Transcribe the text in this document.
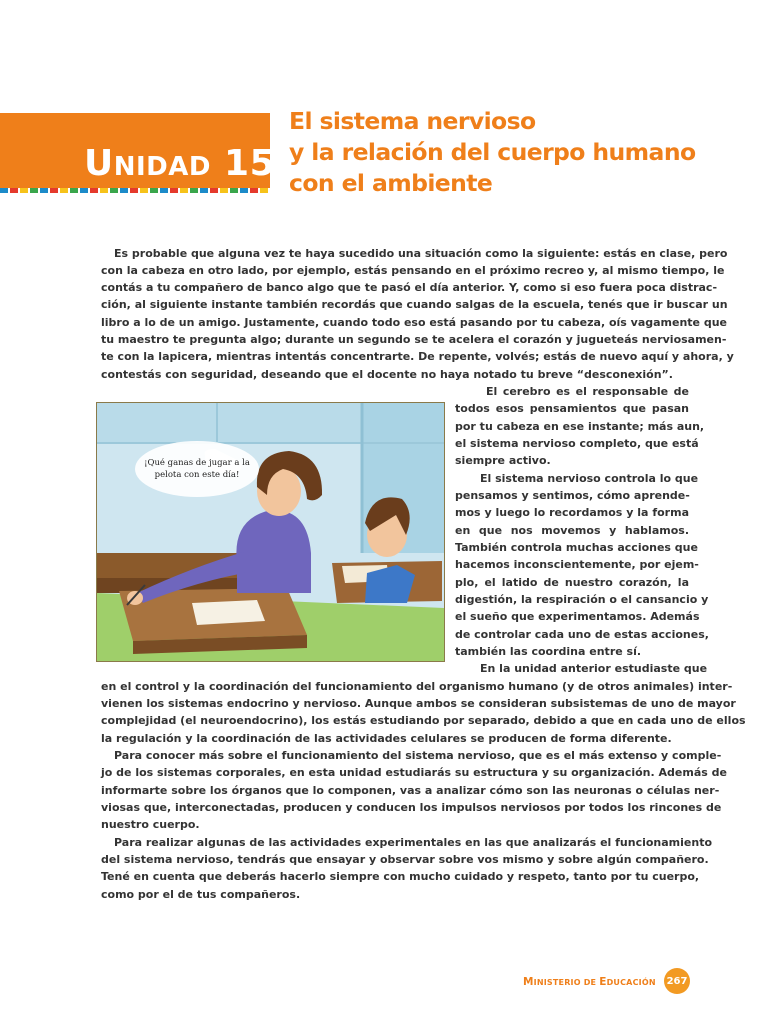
UNIDAD 15
El sistema nervioso
y la relación del cuerpo humano
con el ambiente
Es probable que alguna vez te haya sucedido una situación como la siguiente: estás en clase, pero
con la cabeza en otro lado, por ejemplo, estás pensando en el próximo recreo y, al mismo tiempo, le
contás a tu compañero de banco algo que te pasó el día anterior. Y, como si eso fuera poca distrac-
ción, al siguiente instante también recordás que cuando salgas de la escuela, tenés que ir buscar un
libro a lo de un amigo. Justamente, cuando todo eso está pasando por tu cabeza, oís vagamente que
tu maestro te pregunta algo; durante un segundo se te acelera el corazón y jugueteás nerviosamen-
te con la lapicera, mientras intentás concentrarte. De repente, volvés; estás de nuevo aquí y ahora, y
contestás con seguridad, deseando que el docente no haya notado tu breve “desconexión”.
El cerebro es el responsable de
todos esos pensamientos que pasan
por tu cabeza en ese instante; más aun,
el sistema nervioso completo, que está
siempre activo.
El sistema nervioso controla lo que
pensamos y sentimos, cómo aprende-
mos y luego lo recordamos y la forma
en que nos movemos y hablamos.
También controla muchas acciones que
hacemos inconscientemente, por ejem-
plo, el latido de nuestro corazón, la
digestión, la respiración o el cansancio y
el sueño que experimentamos. Además
de controlar cada uno de estas acciones,
también las coordina entre sí.
En la unidad anterior estudiaste que
en el control y la coordinación del funcionamiento del organismo humano (y de otros animales) inter-
vienen los sistemas endocrino y nervioso. Aunque ambos se consideran subsistemas de uno de mayor
complejidad (el neuroendocrino), los estás estudiando por separado, debido a que en cada uno de ellos
la regulación y la coordinación de las actividades celulares se producen de forma diferente.
Para conocer más sobre el funcionamiento del sistema nervioso, que es el más extenso y comple-
jo de los sistemas corporales, en esta unidad estudiarás su estructura y su organización. Además de
informarte sobre los órganos que lo componen, vas a analizar cómo son las neuronas o células ner-
viosas que, interconectadas, producen y conducen los impulsos nerviosos por todos los rincones de
nuestro cuerpo.
Para realizar algunas de las actividades experimentales en las que analizarás el funcionamiento
del sistema nervioso, tendrás que ensayar y observar sobre vos mismo y sobre algún compañero.
Tené en cuenta que deberás hacerlo siempre con mucho cuidado y respeto, tanto por tu cuerpo,
como por el de tus compañeros.
¡Qué ganas de jugar a la
pelota con este día!
MINISTERIO DE EDUCACIÓN 267
